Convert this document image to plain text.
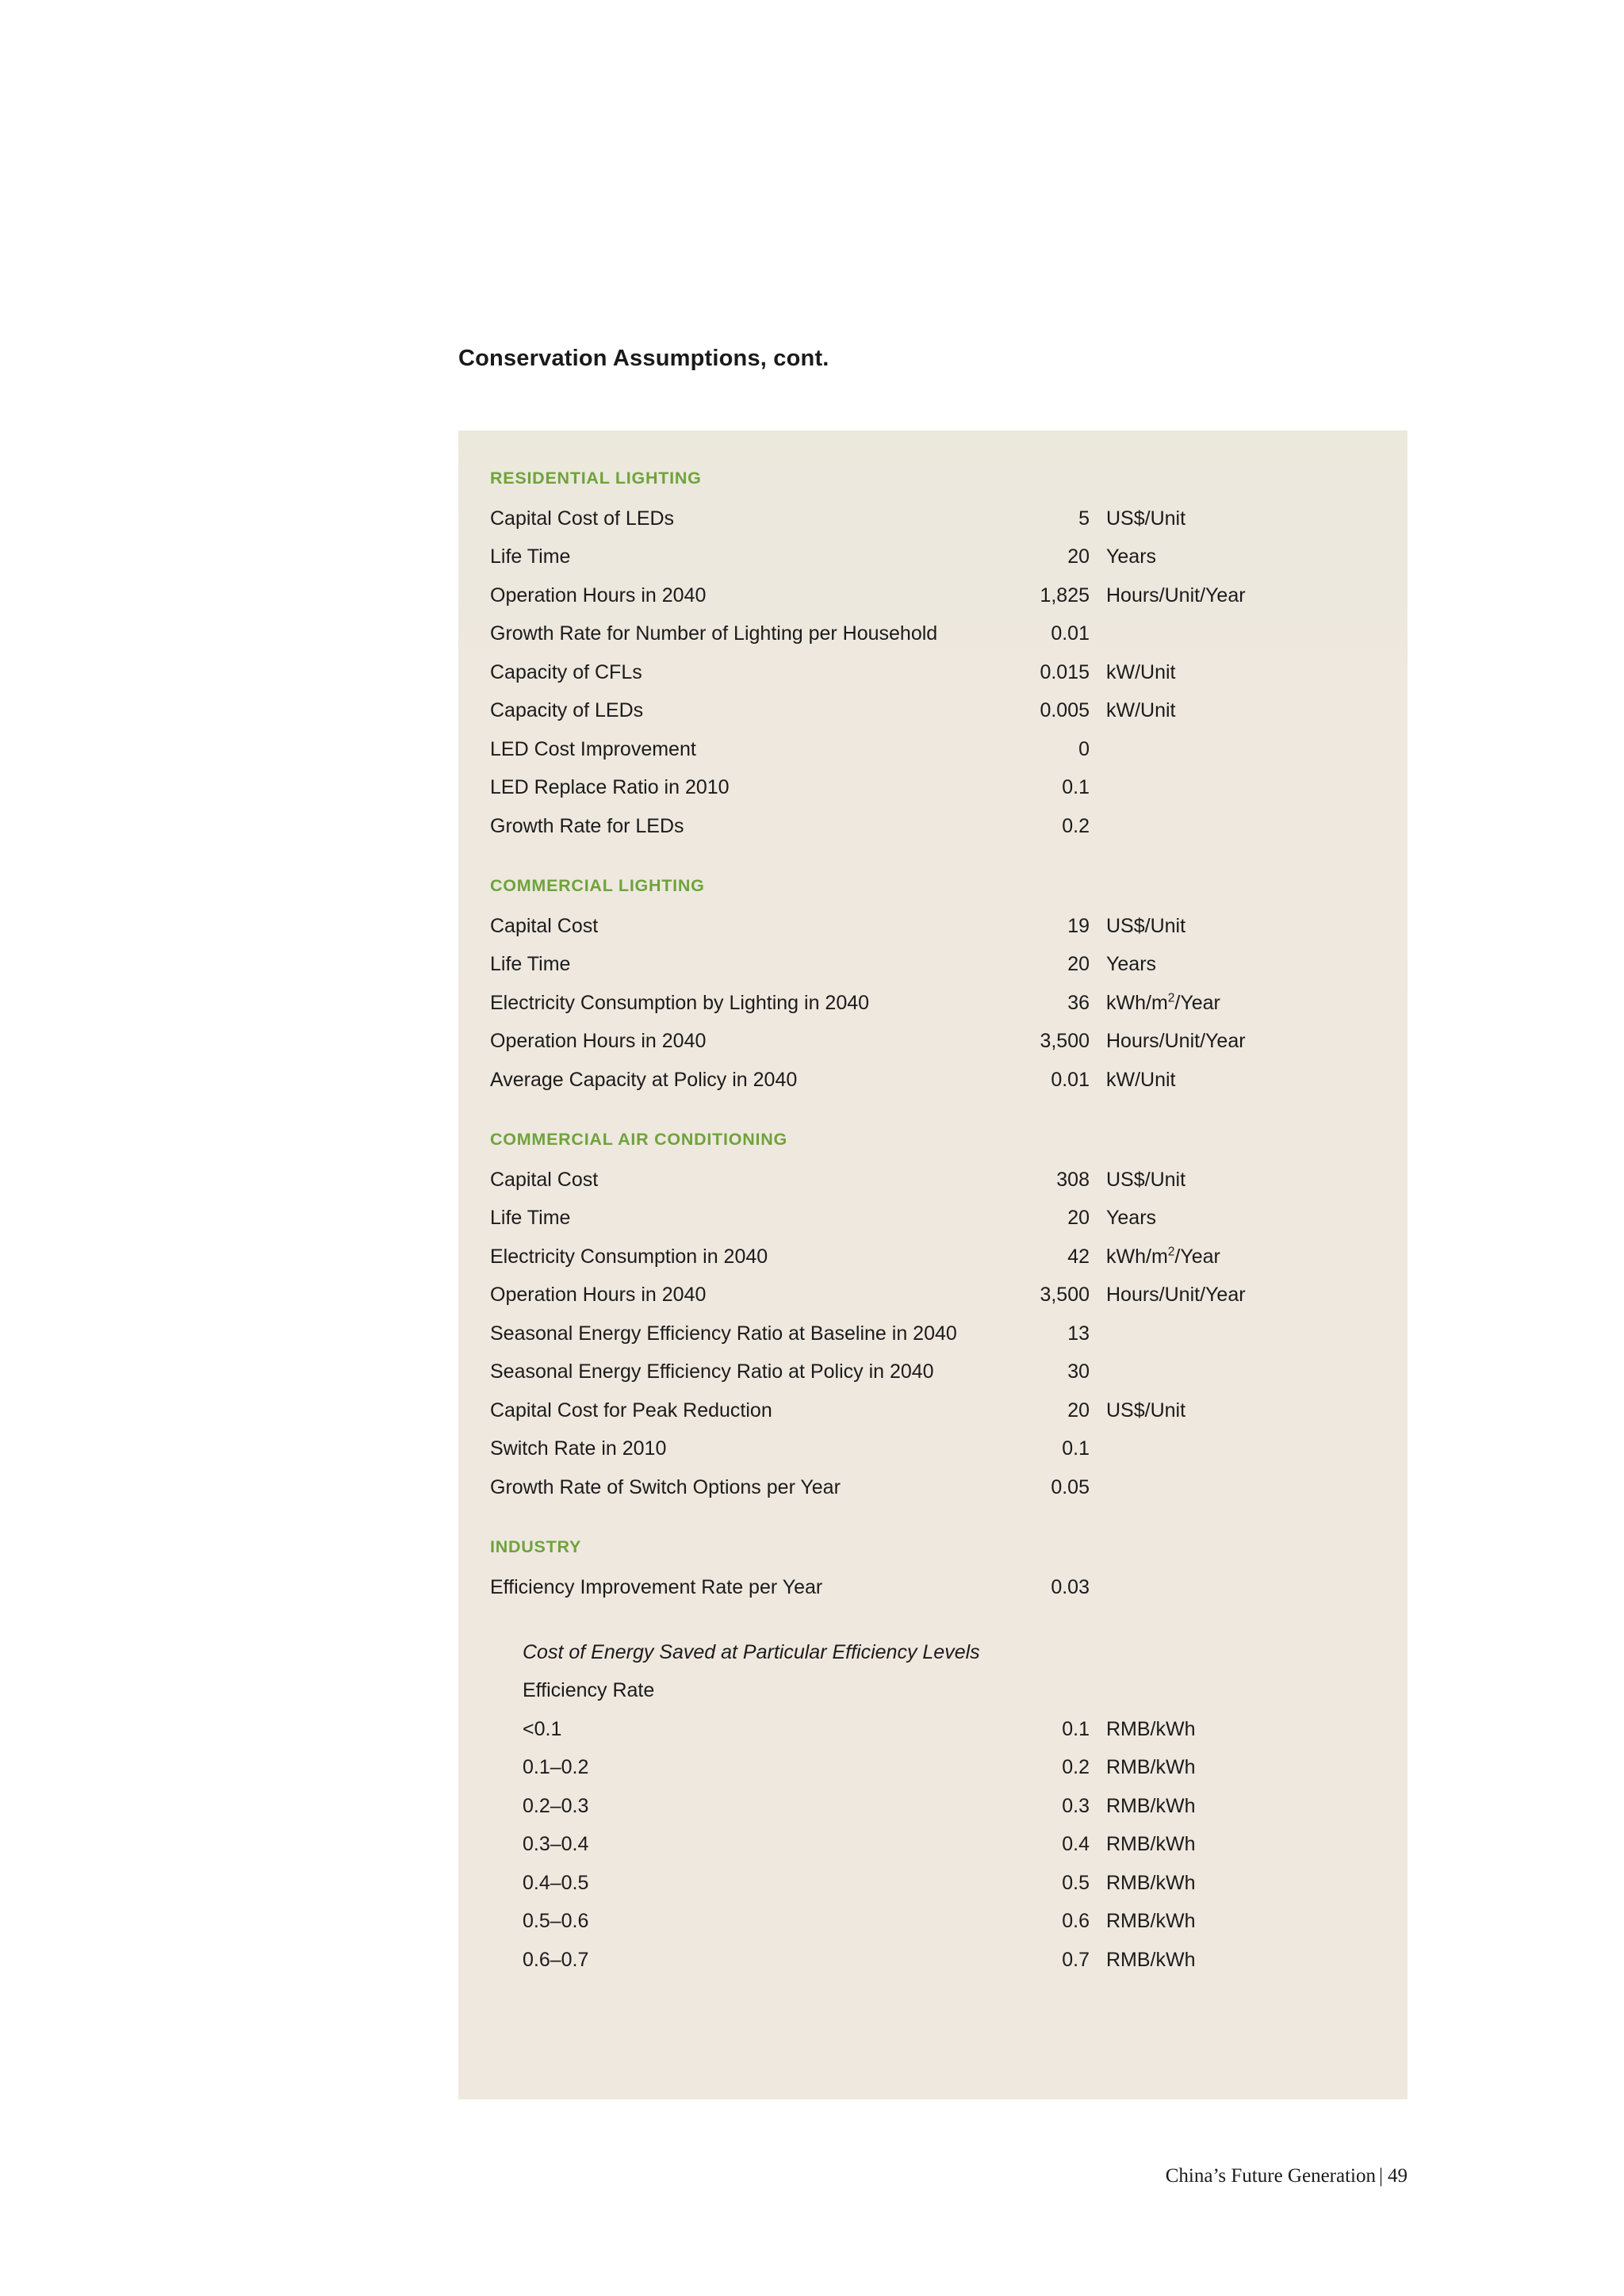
Conservation Assumptions, cont.
RESIDENTIAL LIGHTING
Capital Cost of LEDs	5 US$/Unit
Life Time	20 Years
Operation Hours in 2040	1,825 Hours/Unit/Year
Growth Rate for Number of Lighting per Household	0.01
Capacity of CFLs	0.015 kW/Unit
Capacity of LEDs	0.005 kW/Unit
LED Cost Improvement	0
LED Replace Ratio in 2010	0.1
Growth Rate for LEDs	0.2
COMMERCIAL LIGHTING
Capital Cost	19 US$/Unit
Life Time	20 Years
Electricity Consumption by Lighting in 2040	36 kWh/$m^2$/Year
Operation Hours in 2040	3,500 Hours/Unit/Year
Average Capacity at Policy in 2040	0.01 kW/Unit
COMMERCIAL AIR CONDITIONING
Capital Cost	308 US$/Unit
Life Time	20 Years
Electricity Consumption in 2040	42 kWh/$m^2$/Year
Operation Hours in 2040	3,500 Hours/Unit/Year
Seasonal Energy Efficiency Ratio at Baseline in 2040	13
Seasonal Energy Efficiency Ratio at Policy in 2040	30
Capital Cost for Peak Reduction	20 US$/Unit
Switch Rate in 2010	0.1
Growth Rate of Switch Options per Year	0.05
INDUSTRY
Efficiency Improvement Rate per Year	0.03
Cost of Energy Saved at Particular Efficiency Levels
Efficiency Rate
<0.1	0.1 RMB/kWh
0.1–0.2	0.2 RMB/kWh
0.2–0.3	0.3 RMB/kWh
0.3–0.4	0.4 RMB/kWh
0.4–0.5	0.5 RMB/kWh
0.5–0.6	0.6 RMB/kWh
0.6–0.7	0.7 RMB/kWh
China’s Future Generation | 49
